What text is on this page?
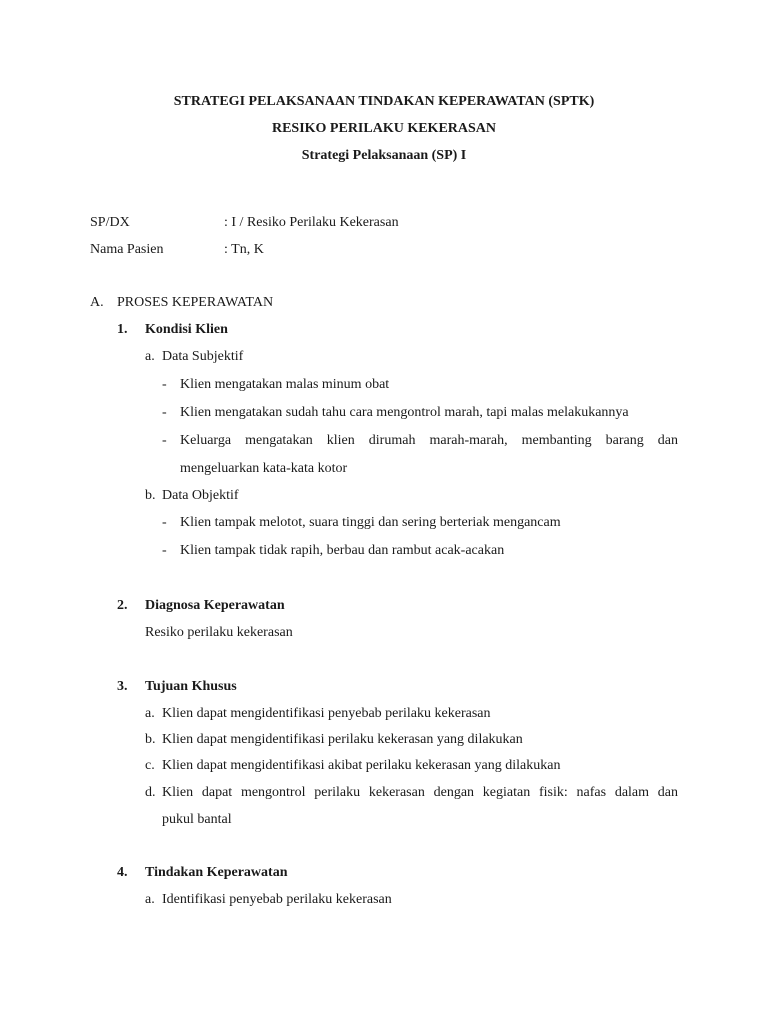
STRATEGI PELAKSANAAN TINDAKAN KEPERAWATAN (SPTK)
RESIKO PERILAKU KEKERASAN
Strategi Pelaksanaan (SP) I
SP/DX	: I / Resiko Perilaku Kekerasan
Nama Pasien	: Tn, K
A. PROSES KEPERAWATAN
1. Kondisi Klien
a. Data Subjektif
- Klien mengatakan malas minum obat
- Klien mengatakan sudah tahu cara mengontrol marah, tapi malas melakukannya
- Keluarga mengatakan klien dirumah marah-marah, membanting barang dan
mengeluarkan kata-kata kotor
b. Data Objektif
- Klien tampak melotot, suara tinggi dan sering berteriak mengancam
- Klien tampak tidak rapih, berbau dan rambut acak-acakan
2. Diagnosa Keperawatan
Resiko perilaku kekerasan
3. Tujuan Khusus
a. Klien dapat mengidentifikasi penyebab perilaku kekerasan
b. Klien dapat mengidentifikasi perilaku kekerasan yang dilakukan
c. Klien dapat mengidentifikasi akibat perilaku kekerasan yang dilakukan
d. Klien dapat mengontrol perilaku kekerasan dengan kegiatan fisik: nafas dalam dan
pukul bantal
4. Tindakan Keperawatan
a. Identifikasi penyebab perilaku kekerasan
